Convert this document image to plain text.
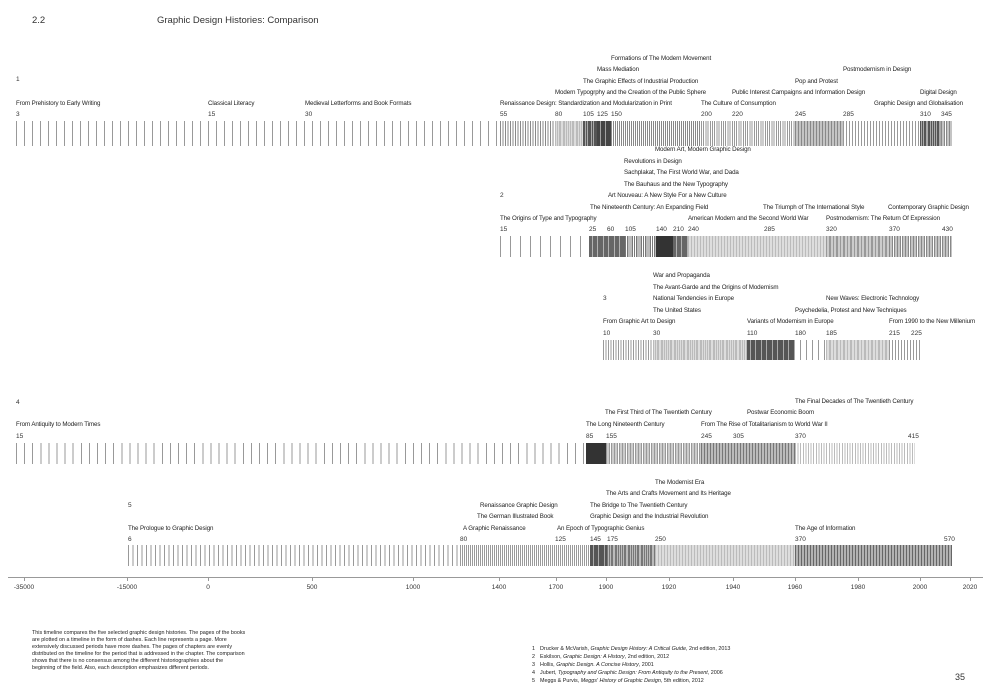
2.2	Graphic Design Histories: Comparison
1
From Prehistory to Early Writing	Classical Literacy	Medieval Letterforms and Book Formats	Renaissance Design: Standardization and Modularization in Print
Modern Typogrphy and the Creation of the Public Sphere
The Graphic Effects of Industrial Production
Mass Mediation
Formations of The Modern Movement
The Culture of Consumption
Public Interest Campaigns and Information Design
Pop and Protest
Postmodernism in Design
Digital Design
Graphic Design and Globalisation
3	15	30	55	80	105 125 150	200	220	245	285	310 345
2
The Origins of Type and Typography
The Nineteenth Century: An Expanding Field
Art Nouveau: A New Style For a New Culture
The Bauhaus and the New Typography
Sachplakat, The First World War, and Dada
Revolutions in Design
Modern Art, Modern Graphic Design
American Modern and the Second World War
The Triumph of The International Style
Postmodernism: The Return Of Expression
Contemporary Graphic Design
15	25 60 105	140 210 240	285	320	370	430
3
From Graphic Art to Design
The United States
National Tendencies in Europe
The Avant-Garde and the Origins of Modernism
War and Propaganda
Variants of Modernism in Europe
Psychedelia, Protest and New Techniques
New Waves: Electronic Technology
From 1990 to the New Millenium
10	30	110	180	185	215 225
4
From Antiquity to Modern Times	The Long Nineteenth Century
The First Third of The Twentieth Century
From The Rise of Totalitarianism to World War II
Postwar Economic Boom
The Final Decades of The Twentieth Century
15	85 155	245	305	370	415
5
The Prologue to Graphic Design	A Graphic Renaissance
The German Illustrated Book
Renaissance Graphic Design
An Epoch of Typographic Genius
Graphic Design and the Industrial Revolution
The Bridge to The Twentieth Century
The Arts and Crafts Movement and Its Heritage
The Modernist Era
The Age of Information
6	80	125	145 175	250	370	570
-35000	-15000	0	500	1000	1400	1700	1900	1920	1940	1960	1980	2000	2020
This timeline compares the five selected graphic design histories. The pages of the books are plotted on a timeline in the form of dashes. Each line represents a page. More extensively discussed periods have more dashes. The pages of chapters are evenly distributed on the timeline for the period that is addressed in the chapter. The comparison shows that there is no consensus among the different historiographies about the beginning of the field. Also, each description emphasizes different periods.
1 Drucker & McVarish, Graphic Design History: A Critical Guide, 2nd edition, 2013
2 Eskilson, Graphic Design: A History, 2nd edition, 2012
3 Hollis, Graphic Design. A Concise History, 2001
4 Jubert, Typography and Graphic Design: From Antiquity to the Present, 2006
5 Meggs & Purvis, Meggs' History of Graphic Design, 5th edition, 2012	35
